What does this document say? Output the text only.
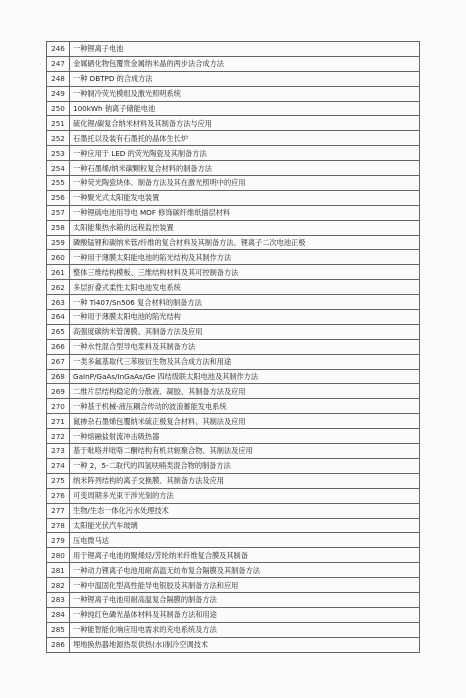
246	一种锂离子电池
247	金属硒化物包覆贵金属纳米晶的两步法合成方法
248	一种 DBTPD 的合成方法
249	一种制冷荧光模组及激光照明系统
250	100kWh 钠离子储能电池
251	硫化锂/碳复合纳米材料及其制备方法与应用
252	石墨托以及装有石墨托的晶体生长炉
253	一种应用于 LED 的荧光陶瓷及其制备方法
254	一种石墨烯/纳米碳颗粒复合材料的制备方法
255	一种荧光陶瓷块体、制备方法及其在激光照明中的应用
256	一种聚光式太阳能发电装置
257	一种锂硫电池用导电 MOF 修饰碳纤维纸插层材料
258	太阳能集热水箱的远程监控装置
259	磷酸锰锂和碳纳米管/纤维的复合材料及其制备方法、锂离子二次电池正极
260	一种用于薄膜太阳能电池的陷光结构及其制作方法
261	整体三维结构模板、三维结构材料及其可控制备方法
262	多层折叠式柔性太阳电池发电系统
263	一种 Ti407/Sn506 复合材料的制备方法
264	一种用于薄膜太阳电池的陷光结构
265	高强度碳纳米管薄膜、其制备方法及应用
266	一种水性混合型导电浆料及其制备方法
267	一类多氟基取代三苯胺衍生物及其合成方法和用途
268	GaInP/GaAs/InGaAs/Ge 四结级联太阳电池及其制作方法
269	二维片层结构稳定的分散液、凝胶、其制备方法及应用
270	一种基于机械-液压耦合传动的波浪蓄能发电系统
271	氮掺杂石墨烯包覆纳米硫正极复合材料、其制法及应用
272	一种熔融盐射流冲击吸热器
273	基于吡咯并吡咯二酮结构有机共轭聚合物、其制法及应用
274	一种 2，5-二取代的四氢呋喃类混合物的制备方法
275	纳米阵列结构的离子交换膜、其制备方法及应用
276	可变周期多光束干涉光刻的方法
277	生物/生态一体化污水处理技术
278	太阳能光伏汽车玻璃
279	压电微马达
280	用于锂离子电池的聚烯烃/芳纶纳米纤维复合膜及其制备
281	一种动力锂离子电池用耐高温无纺布复合隔膜及其制备方法
282	一种中温固化型高性能导电银胶及其制备方法和应用
283	一种锂离子电池用耐高温复合隔膜的制备方法
284	一种纯红色磷光晶体材料及其制备方法和用途
285	一种能智能化响应用电需求的充电系统及方法
286	埋地换热器地源热泵供热(水)制冷空调技术
